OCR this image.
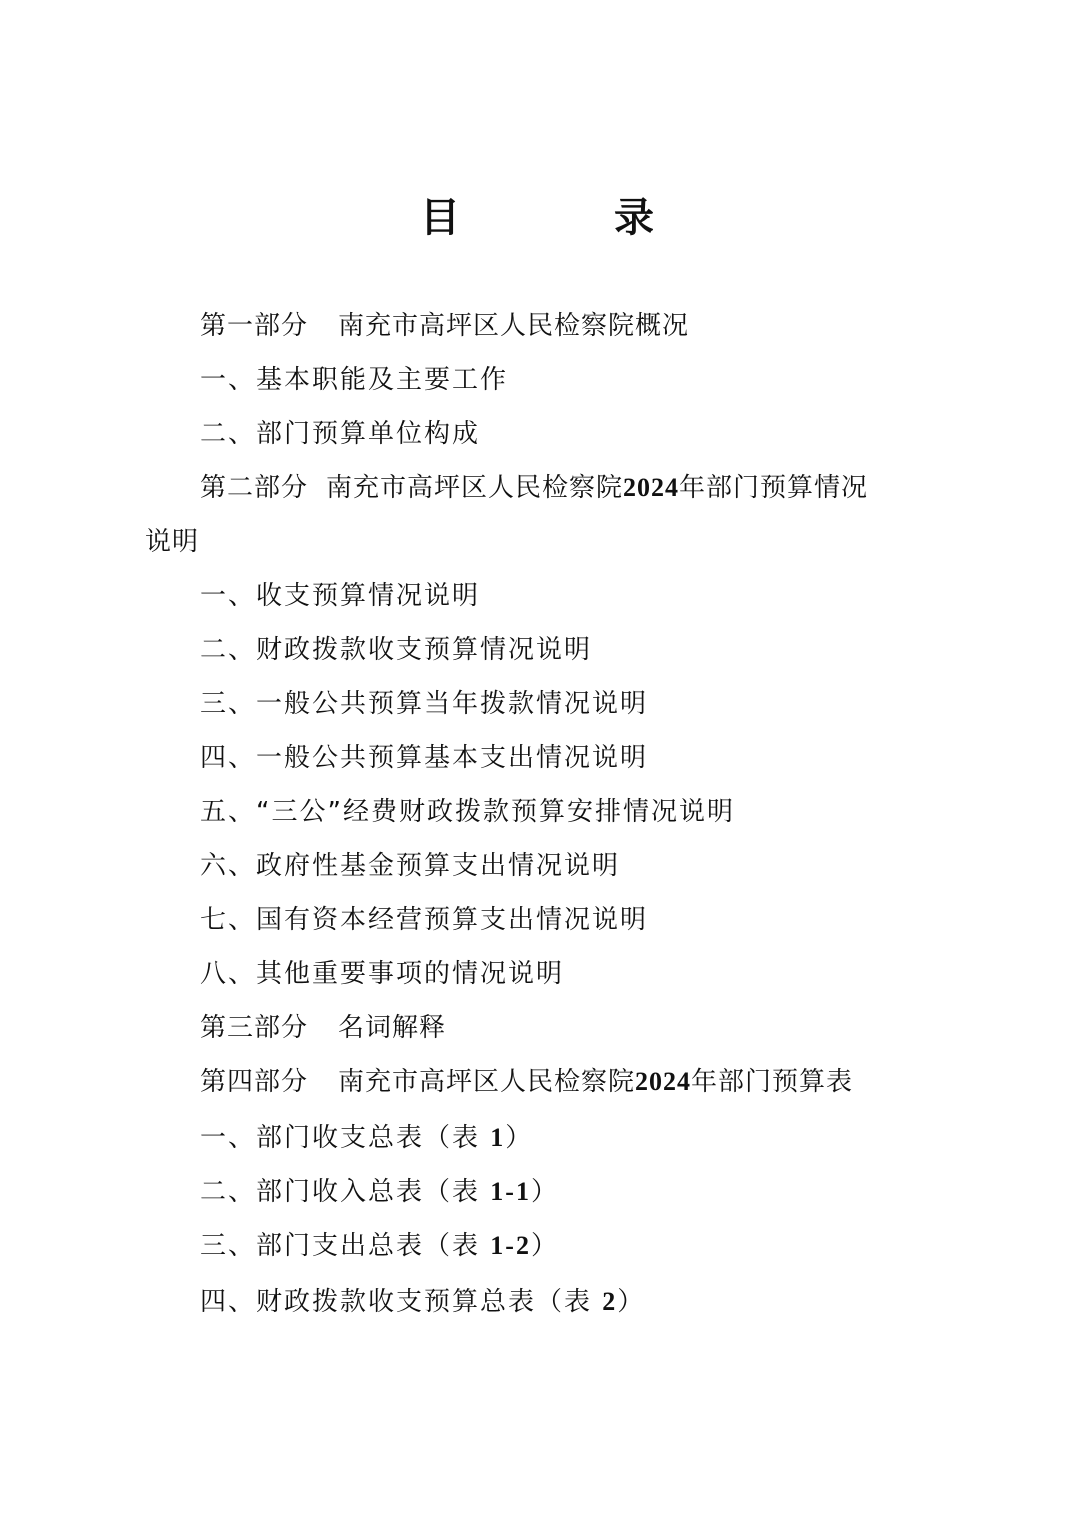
目 录
第一部分 南充市高坪区人民检察院概况
一、基本职能及主要工作
二、部门预算单位构成
第二部分 南充市高坪区人民检察院2024年部门预算情况
说明
一、收支预算情况说明
二、财政拨款收支预算情况说明
三、一般公共预算当年拨款情况说明
四、一般公共预算基本支出情况说明
五、“三公”经费财政拨款预算安排情况说明
六、政府性基金预算支出情况说明
七、国有资本经营预算支出情况说明
八、其他重要事项的情况说明
第三部分 名词解释
第四部分 南充市高坪区人民检察院2024年部门预算表
一、部门收支总表（表 1）
二、部门收入总表（表 1-1）
三、部门支出总表（表 1-2）
四、财政拨款收支预算总表（表 2）
